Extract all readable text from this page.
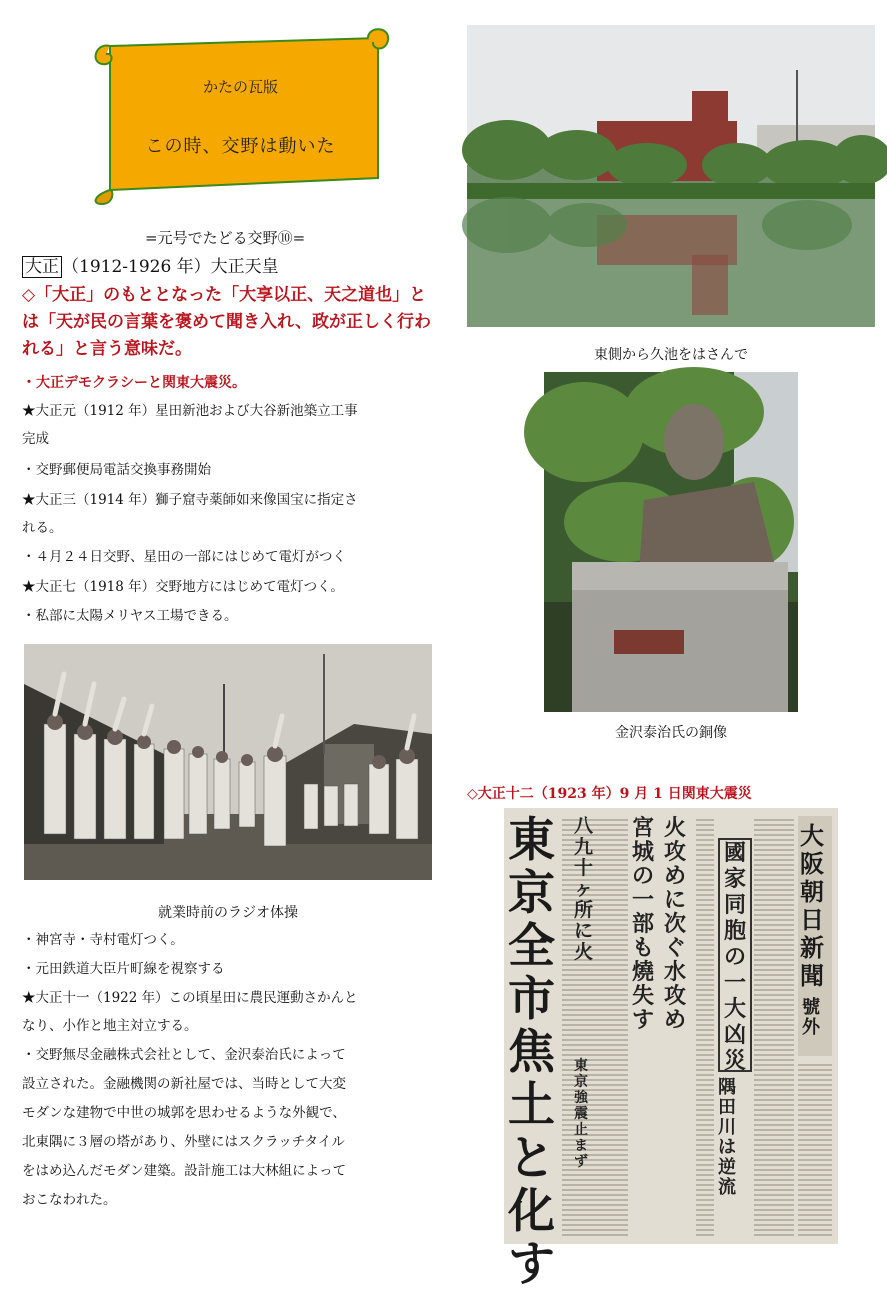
かたの瓦版
この時、交野は動いた
=元号でたどる交野⑩=
大正 （1912-1926 年）大正天皇
◇「大正」のもととなった「大享以正、天之道也」とは「天が民の言葉を褒めて聞き入れ、政が正しく行われる」と言う意味だ。
・大正デモクラシーと関東大震災。
★大正元（1912 年）星田新池および大谷新池築立工事
完成
・交野郵便局電話交換事務開始
★大正三（1914 年）獅子窟寺薬師如来像国宝に指定さ
れる。
・４月２４日交野、星田の一部にはじめて電灯がつく
★大正七（1918 年）交野地方にはじめて電灯つく。
・私部に太陽メリヤス工場できる。
就業時前のラジオ体操
・神宮寺・寺村電灯つく。
・元田鉄道大臣片町線を視察する
★大正十一（1922 年）この頃星田に農民運動さかんと
なり、小作と地主対立する。
・交野無尽金融株式会社として、金沢泰治氏によって
設立された。金融機関の新社屋では、当時として大変
モダンな建物で中世の城郭を思わせるような外観で、
北東隅に３層の塔があり、外壁にはスクラッチタイル
をはめ込んだモダン建築。設計施工は大林組によって
おこなわれた。
東側から久池をはさんで
金沢泰治氏の銅像
◇大正十二（1923 年）9 月 1 日関東大震災
東京全市焦土と化す
八九十ヶ所に火
東京強震止まず
宮城の一部も燒失す
火攻めに次ぐ水攻め
國家同胞の一大凶災
隅田川は逆流
大阪朝日新聞
號外
